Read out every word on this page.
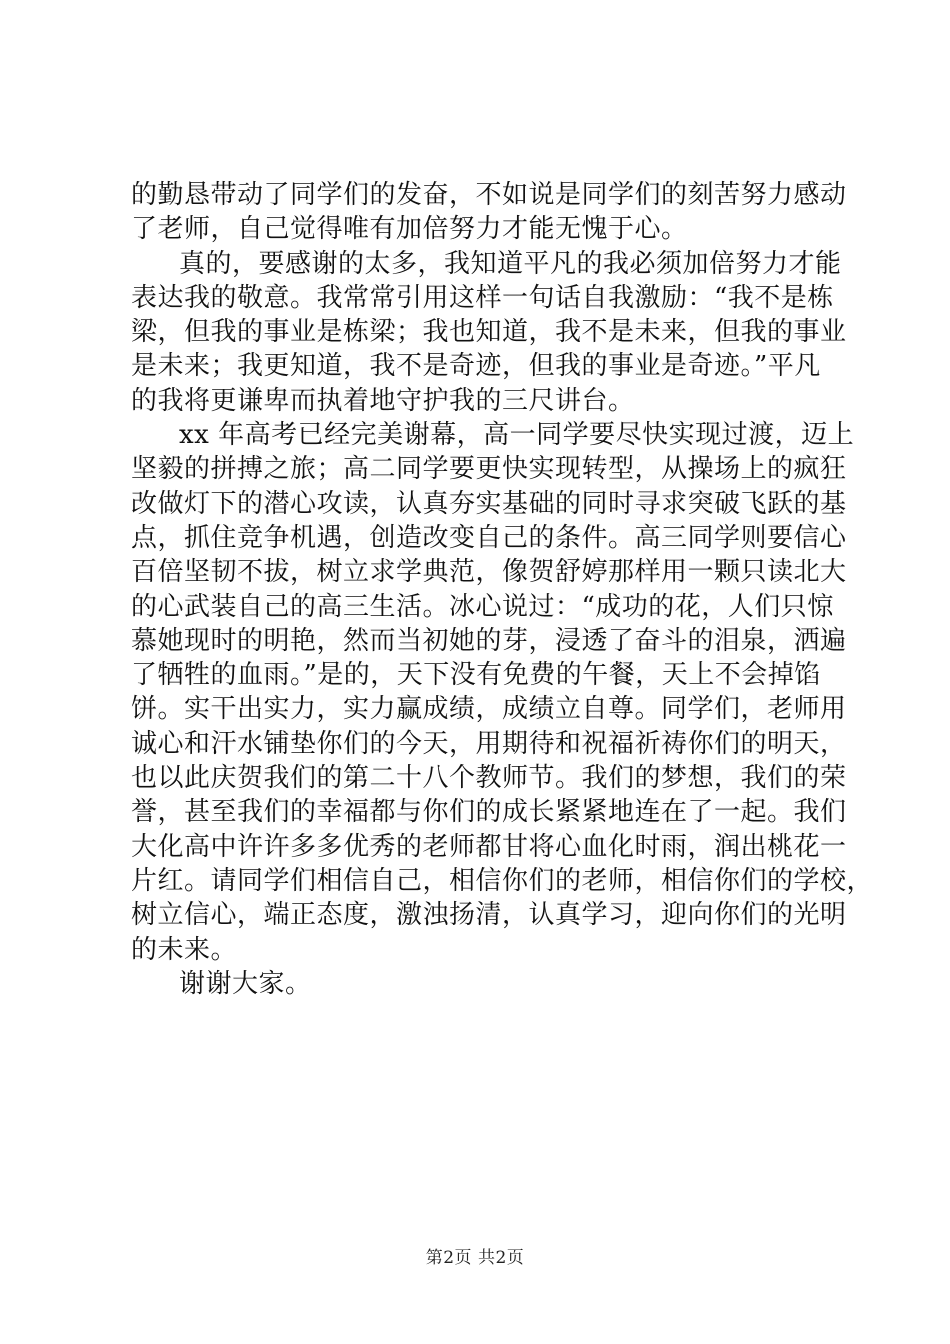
的勤恳带动了同学们的发奋，不如说是同学们的刻苦努力感动
了老师，自己觉得唯有加倍努力才能无愧于心。
真的，要感谢的太多，我知道平凡的我必须加倍努力才能
表达我的敬意。我常常引用这样一句话自我激励：“我不是栋
梁，但我的事业是栋梁；我也知道，我不是未来，但我的事业
是未来；我更知道，我不是奇迹，但我的事业是奇迹。”平凡
的我将更谦卑而执着地守护我的三尺讲台。
xx 年高考已经完美谢幕，高一同学要尽快实现过渡，迈上
坚毅的拼搏之旅；高二同学要更快实现转型，从操场上的疯狂
改做灯下的潜心攻读，认真夯实基础的同时寻求突破飞跃的基
点，抓住竞争机遇，创造改变自己的条件。高三同学则要信心
百倍坚韧不拔，树立求学典范，像贺舒婷那样用一颗只读北大
的心武装自己的高三生活。冰心说过：“成功的花，人们只惊
慕她现时的明艳，然而当初她的芽，浸透了奋斗的泪泉，洒遍
了牺牲的血雨。”是的，天下没有免费的午餐，天上不会掉馅
饼。实干出实力，实力赢成绩，成绩立自尊。同学们，老师用
诚心和汗水铺垫你们的今天，用期待和祝福祈祷你们的明天，
也以此庆贺我们的第二十八个教师节。我们的梦想，我们的荣
誉，甚至我们的幸福都与你们的成长紧紧地连在了一起。我们
大化高中许许多多优秀的老师都甘将心血化时雨，润出桃花一
片红。请同学们相信自己，相信你们的老师，相信你们的学校，
树立信心，端正态度，激浊扬清，认真学习，迎向你们的光明
的未来。
谢谢大家。
第2页 共2页
